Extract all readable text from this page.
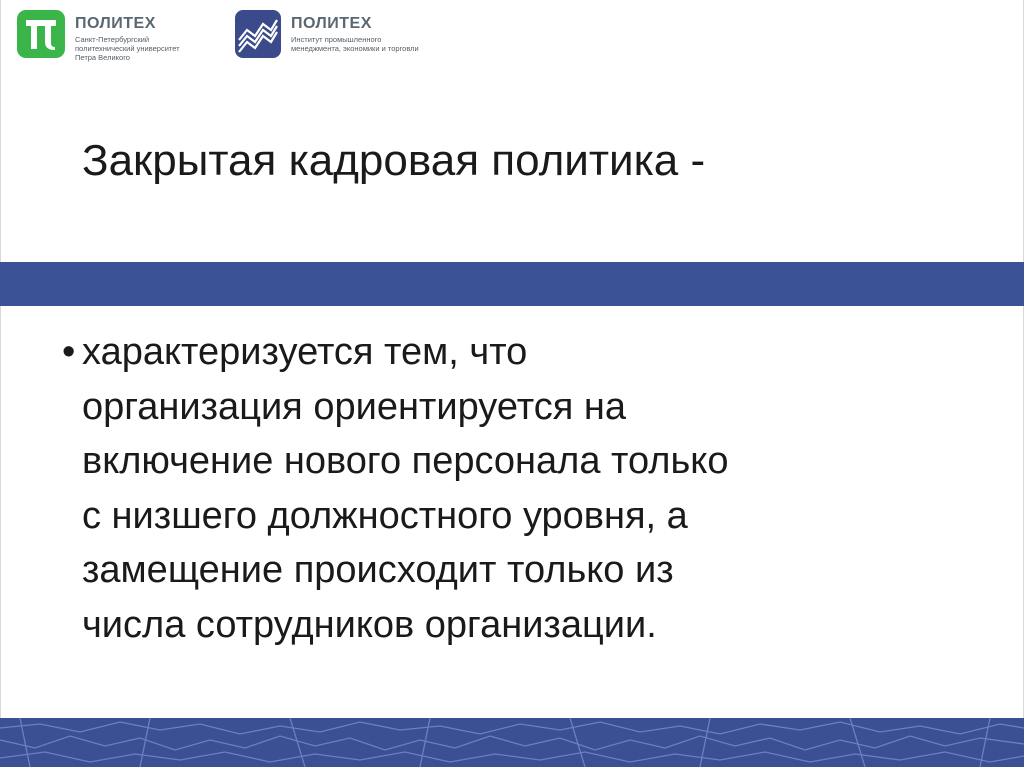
ПОЛИТЕХ
Санкт-Петербургский
политехнический университет
Петра Великого
ПОЛИТЕХ
Институт промышленного
менеджмента, экономики и торговли
Закрытая кадровая политика -
• характеризуется тем, что
организация ориентируется на
включение нового персонала только
с низшего должностного уровня, а
замещение происходит только из
числа сотрудников организации.
